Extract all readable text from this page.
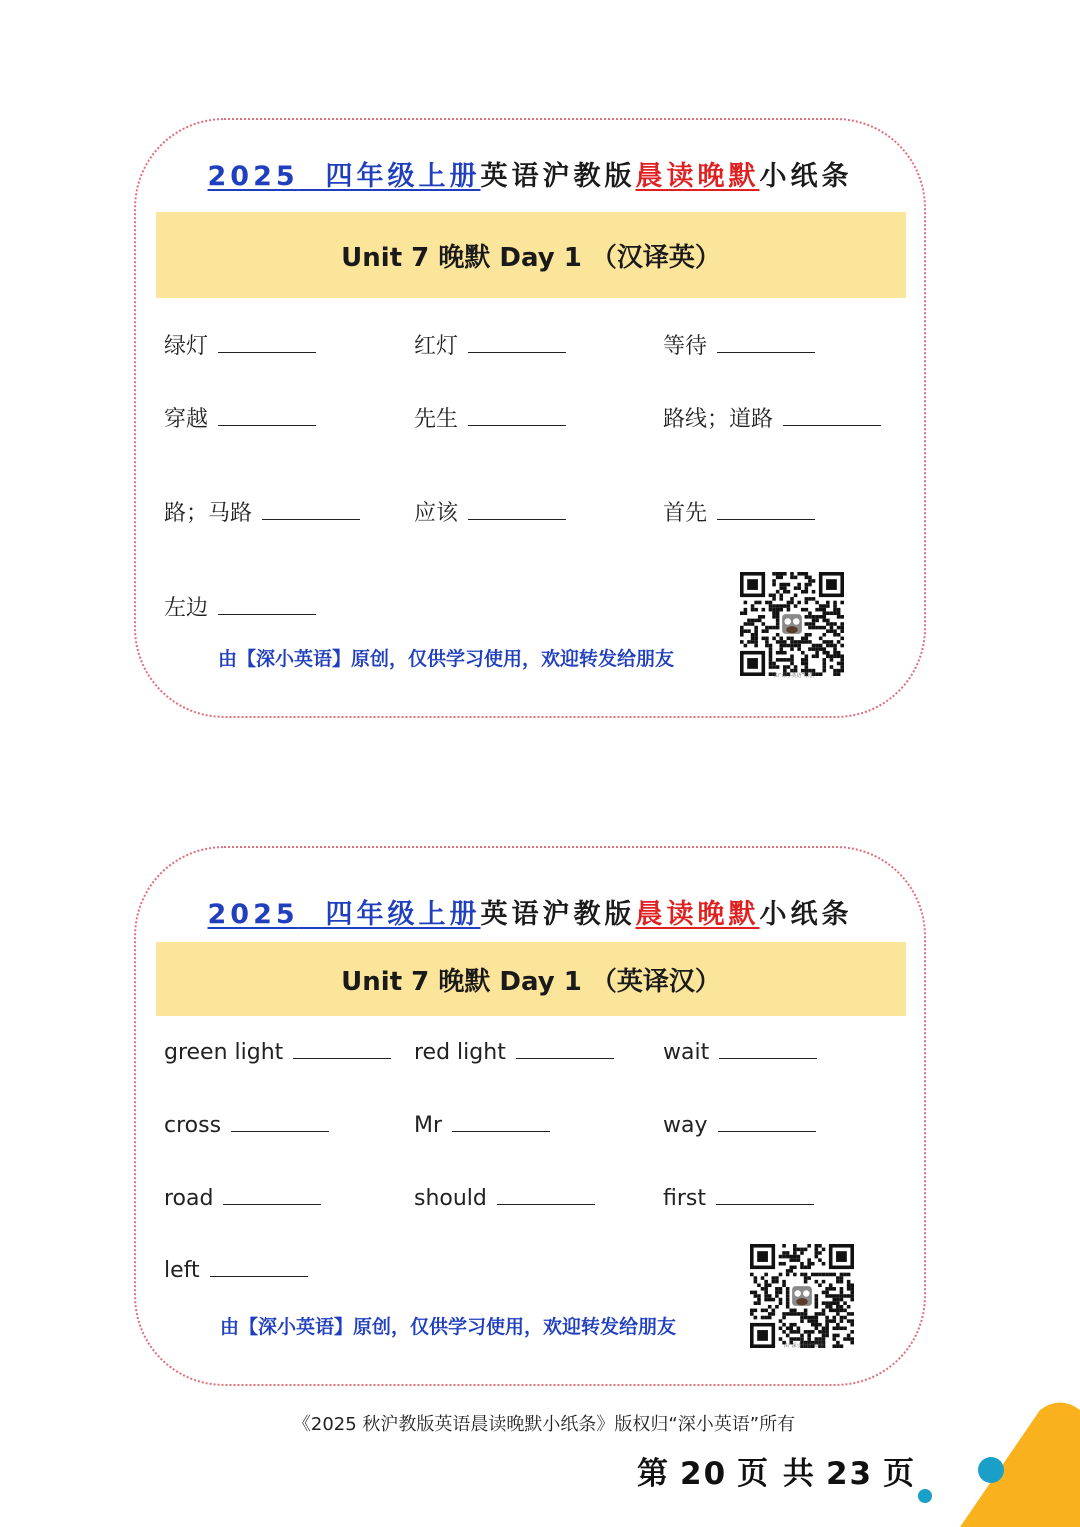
2025 四年级上册英语沪教版晨读晚默小纸条
Unit 7 晚默 Day 1 （汉译英）
绿灯	红灯	等待
穿越	先生	路线；道路
路；马路	应该	首先
左边
由【深小英语】原创，仅供学习使用，欢迎转发给朋友
由“深小英语”原创
2025 四年级上册英语沪教版晨读晚默小纸条
Unit 7 晚默 Day 1 （英译汉）
green light	red light	wait
cross	Mr	way
road	should	first
left
由【深小英语】原创，仅供学习使用，欢迎转发给朋友
由“深小英语”原创
《2025 秋沪教版英语晨读晚默小纸条》版权归“深小英语”所有
第 20 页 共 23 页
